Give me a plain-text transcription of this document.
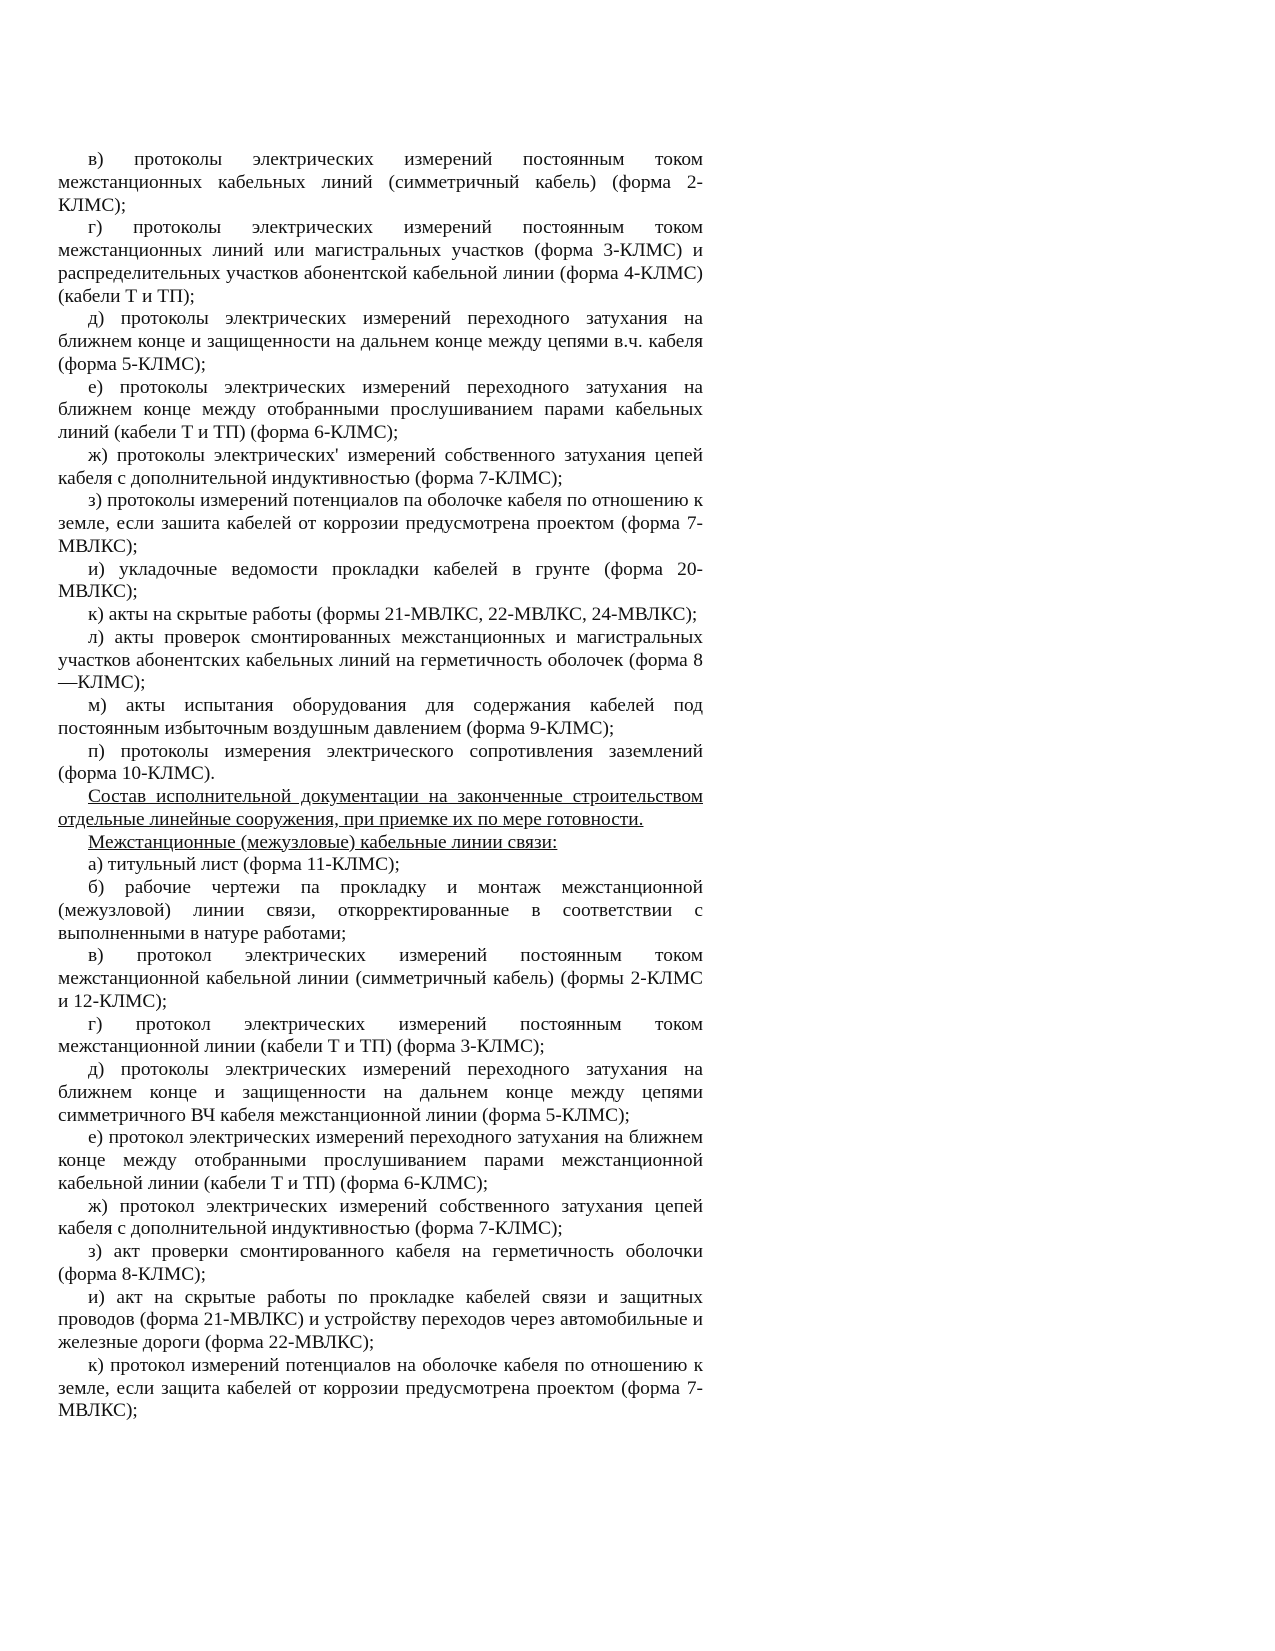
в) протоколы электрических измерений постоянным током межстанционных кабельных линий (симметричный кабель) (форма 2-КЛМС);

г) протоколы электрических измерений постоянным током межстанционных линий или магистральных участков (форма 3-КЛМС) и распределительных участков абонентской кабельной линии (форма 4-КЛМС) (кабели Т и ТП);

д) протоколы электрических измерений переходного затухания на ближнем конце и защищенности на дальнем конце между цепями в.ч. кабеля (форма 5-КЛМС);

е) протоколы электрических измерений переходного затухания на ближнем конце между отобранными прослушиванием парами кабельных линий (кабели Т и ТП) (форма 6-КЛМС);

ж) протоколы электрических' измерений собственного затухания цепей кабеля с дополнительной индуктивностью (форма 7-КЛМС);

з) протоколы измерений потенциалов па оболочке кабеля по отношению к земле, если зашита кабелей от коррозии предусмотрена проектом (форма 7-МВЛКС);

и) укладочные ведомости прокладки кабелей в грунте (форма 20-МВЛКС);

к) акты на скрытые работы (формы 21-МВЛКС, 22-МВЛКС, 24-МВЛКС);

л) акты проверок смонтированных межстанционных и магистральных участков абонентских кабельных линий на герметичность оболочек (форма 8—КЛМС);

м) акты испытания оборудования для содержания кабелей под постоянным избыточным воздушным давлением (форма 9-КЛМС);

п) протоколы измерения электрического сопротивления заземлений (форма 10-КЛМС).

Состав исполнительной документации на законченные строительством отдельные линейные сооружения, при приемке их по мере готовности.

Межстанционные (межузловые) кабельные линии связи:

а) титульный лист (форма 11-КЛМС);

б) рабочие чертежи па прокладку и монтаж межстанционной (межузловой) линии связи, откорректированные в соответствии с выполненными в натуре работами;

в) протокол электрических измерений постоянным током межстанционной кабельной линии (симметричный кабель) (формы 2-КЛМС и 12-КЛМС);

г) протокол электрических измерений постоянным током межстанционной линии (кабели Т и ТП) (форма 3-КЛМС);

д) протоколы электрических измерений переходного затухания на ближнем конце и защищенности на дальнем конце между цепями симметричного ВЧ кабеля межстанционной линии (форма 5-КЛМС);

е) протокол электрических измерений переходного затухания на ближнем конце между отобранными прослушиванием парами межстанционной кабельной линии (кабели Т и ТП) (форма 6-КЛМС);

ж) протокол электрических измерений собственного затухания цепей кабеля с дополнительной индуктивностью (форма 7-КЛМС);

з) акт проверки смонтированного кабеля на герметичность оболочки (форма 8-КЛМС);

и) акт на скрытые работы по прокладке кабелей связи и защитных проводов (форма 21-МВЛКС) и устройству переходов через автомобильные и железные дороги (форма 22-МВЛКС);

к) протокол измерений потенциалов на оболочке кабеля по отношению к земле, если защита кабелей от коррозии предусмотрена проектом (форма 7-МВЛКС);
